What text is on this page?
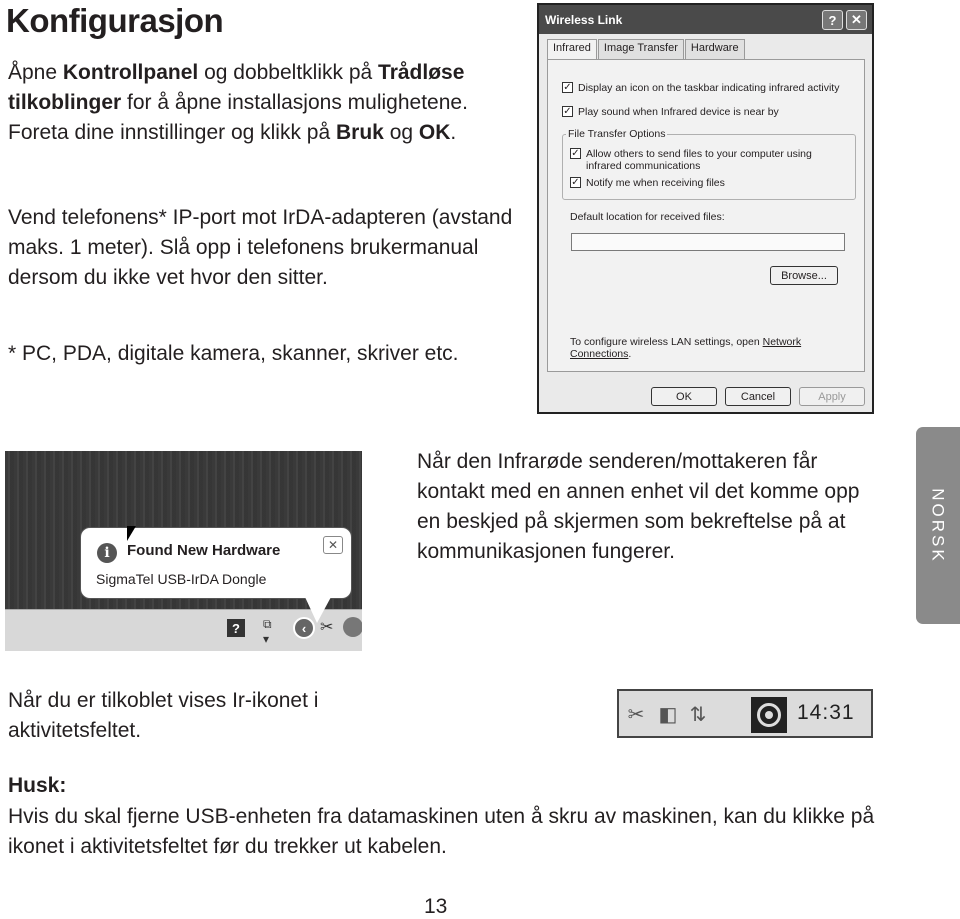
Konfigurasjon
Åpne Kontrollpanel og dobbeltklikk på Trådløse tilkoblinger for å åpne installasjons mulighetene. Foreta dine innstillinger og klikk på Bruk og OK.
Vend telefonens* IP-port mot IrDA-adapteren (avstand maks. 1 meter). Slå opp i telefonens brukermanual dersom du ikke vet hvor den sitter.
* PC, PDA, digitale kamera, skanner, skriver etc.
Wireless Link	?	✕
Infrared	Image Transfer	Hardware
✓ Display an icon on the taskbar indicating infrared activity
✓ Play sound when Infrared device is near by
File Transfer Options
✓ Allow others to send files to your computer using infrared communications
✓ Notify me when receiving files
Default location for received files:
Browse...
To configure wireless LAN settings, open Network Connections.
OK	Cancel	Apply
i	Found New Hardware
SigmaTel USB-IrDA Dongle
✕
?	⧉
▾
‹ ✂
Når den Infrarøde senderen/mottakeren får kontakt med en annen enhet vil det komme opp en beskjed på skjermen som bekreftelse på at kommunikasjonen fungerer.	NORSK
Når du er tilkoblet vises Ir-ikonet i aktivitetsfeltet.
✂ ◧ ⇅	14:31
Husk:
Hvis du skal fjerne USB-enheten fra datamaskinen uten å skru av maskinen, kan du klikke på ikonet i aktivitetsfeltet før du trekker ut kabelen.
13
